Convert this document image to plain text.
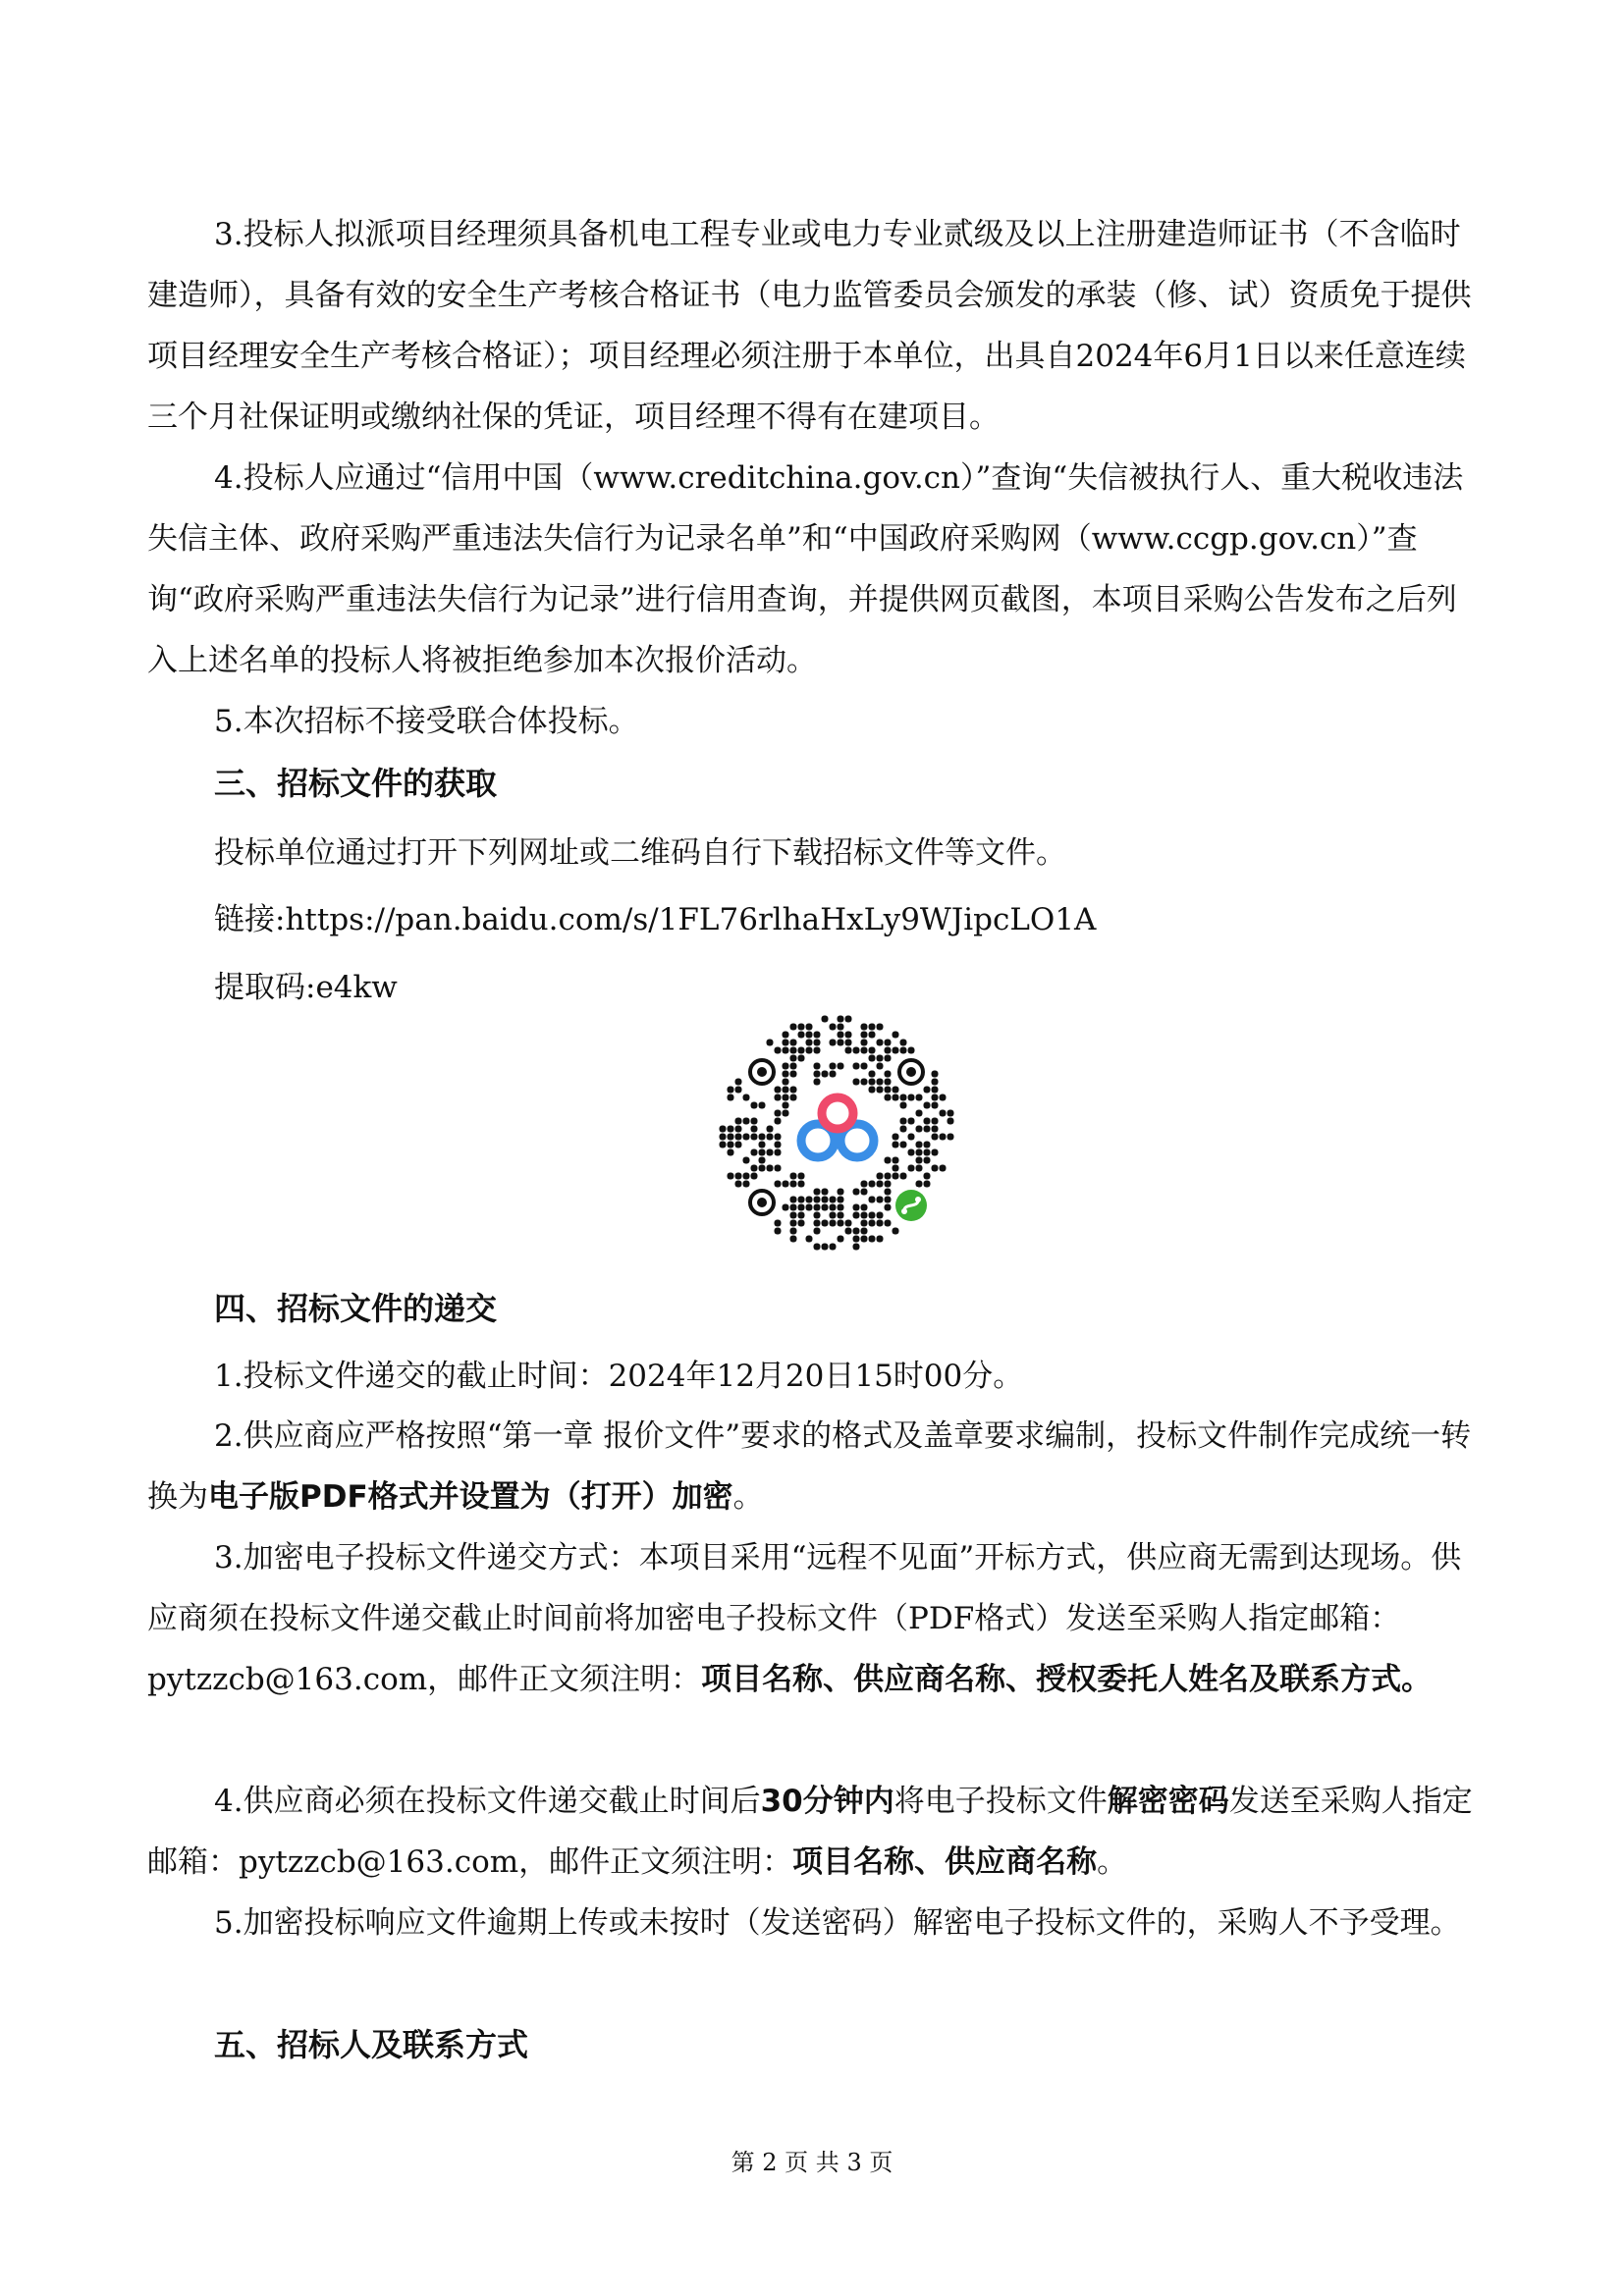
3.投标人拟派项目经理须具备机电工程专业或电力专业贰级及以上注册建造师证书（不含临时建造师），具备有效的安全生产考核合格证书（电力监管委员会颁发的承装（修、试）资质免于提供项目经理安全生产考核合格证）；项目经理必须注册于本单位，出具自2024年6月1日以来任意连续三个月社保证明或缴纳社保的凭证，项目经理不得有在建项目。

4.投标人应通过“信用中国（www.creditchina.gov.cn）”查询“失信被执行人、重大税收违法失信主体、政府采购严重违法失信行为记录名单”和“中国政府采购网（www.ccgp.gov.cn）”查询“政府采购严重违法失信行为记录”进行信用查询，并提供网页截图，本项目采购公告发布之后列入上述名单的投标人将被拒绝参加本次报价活动。

5.本次招标不接受联合体投标。

三、招标文件的获取

投标单位通过打开下列网址或二维码自行下载招标文件等文件。

链接:https://pan.baidu.com/s/1FL76rlhaHxLy9WJipcLO1A

提取码:e4kw

四、招标文件的递交

1.投标文件递交的截止时间：2024年12月20日15时00分。

2.供应商应严格按照“第一章 报价文件”要求的格式及盖章要求编制，投标文件制作完成统一转换为电子版PDF格式并设置为（打开）加密。

3.加密电子投标文件递交方式：本项目采用“远程不见面”开标方式，供应商无需到达现场。供应商须在投标文件递交截止时间前将加密电子投标文件（PDF格式）发送至采购人指定邮箱：pytzzcb@163.com，邮件正文须注明：项目名称、供应商名称、授权委托人姓名及联系方式。

4.供应商必须在投标文件递交截止时间后30分钟内将电子投标文件解密密码发送至采购人指定邮箱：pytzzcb@163.com，邮件正文须注明：项目名称、供应商名称。

5.加密投标响应文件逾期上传或未按时（发送密码）解密电子投标文件的，采购人不予受理。

五、招标人及联系方式

第 2 页 共 3 页
